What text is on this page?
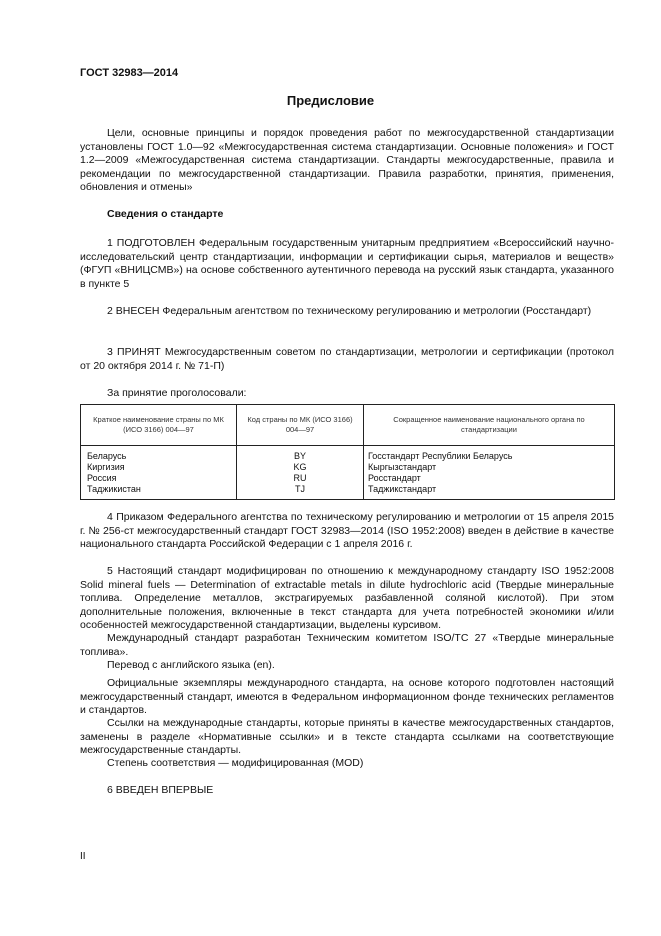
ГОСТ 32983—2014
Предисловие
Цели, основные принципы и порядок проведения работ по межгосударственной стандартизации установлены ГОСТ 1.0—92 «Межгосударственная система стандартизации. Основные положения» и ГОСТ 1.2—2009 «Межгосударственная система стандартизации. Стандарты межгосударственные, правила и рекомендации по межгосударственной стандартизации. Правила разработки, принятия, применения, обновления и отмены»
Сведения о стандарте
1 ПОДГОТОВЛЕН Федеральным государственным унитарным предприятием «Всероссийский научно-исследовательский центр стандартизации, информации и сертификации сырья, материалов и веществ» (ФГУП «ВНИЦСМВ») на основе собственного аутентичного перевода на русский язык стандарта, указанного в пункте 5
2 ВНЕСЕН Федеральным агентством по техническому регулированию и метрологии (Росстандарт)
3 ПРИНЯТ Межгосударственным советом по стандартизации, метрологии и сертификации (протокол от 20 октября 2014 г. № 71-П)
За принятие проголосовали:
Краткое наименование страны по МК (ИСО 3166) 004—97	Код страны по МК (ИСО 3166) 004—97	Сокращенное наименование национального органа по стандартизации
Беларусь	BY	Госстандарт Республики Беларусь
Киргизия	KG	Кыргызстандарт
Россия	RU	Росстандарт
Таджикистан	TJ	Таджикстандарт
4 Приказом Федерального агентства по техническому регулированию и метрологии от 15 апреля 2015 г. № 256-ст межгосударственный стандарт ГОСТ 32983—2014 (ISO 1952:2008) введен в действие в качестве национального стандарта Российской Федерации с 1 апреля 2016 г.
5 Настоящий стандарт модифицирован по отношению к международному стандарту ISO 1952:2008 Solid mineral fuels — Determination of extractable metals in dilute hydrochloric acid (Твердые минеральные топлива. Определение металлов, экстрагируемых разбавленной соляной кислотой). При этом дополнительные положения, включенные в текст стандарта для учета потребностей экономики и/или особенностей межгосударственной стандартизации, выделены курсивом.
Международный стандарт разработан Техническим комитетом ISO/TC 27 «Твердые минеральные топлива».
Перевод с английского языка (en).
Официальные экземпляры международного стандарта, на основе которого подготовлен настоящий межгосударственный стандарт, имеются в Федеральном информационном фонде технических регламентов и стандартов.
Ссылки на международные стандарты, которые приняты в качестве межгосударственных стандартов, заменены в разделе «Нормативные ссылки» и в тексте стандарта ссылками на соответствующие межгосударственные стандарты.
Степень соответствия — модифицированная (MOD)
6 ВВЕДЕН ВПЕРВЫЕ
II
